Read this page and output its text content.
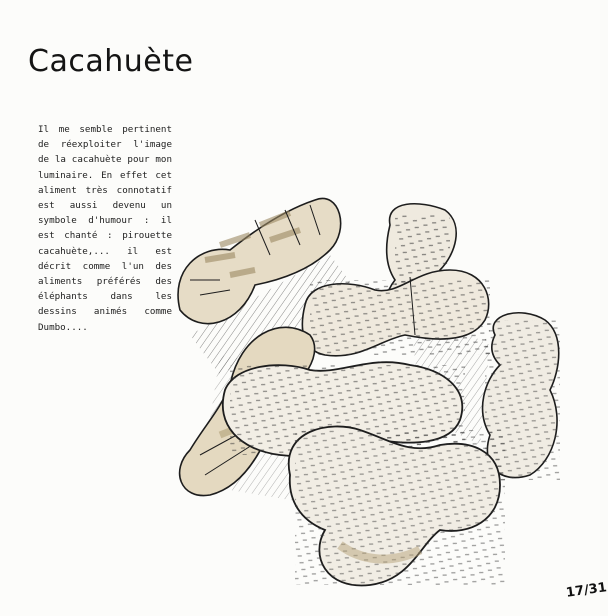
Cacahuète
Il me semble pertinent de réexploiter l'image de la cacahuète pour mon luminaire. En effet cet aliment très connotatif est aussi devenu un symbole d'humour : il est chanté : pirouette cacahuète,... il est décrit comme l'un des aliments préférés des éléphants dans les dessins animés comme Dumbo....
17/31
